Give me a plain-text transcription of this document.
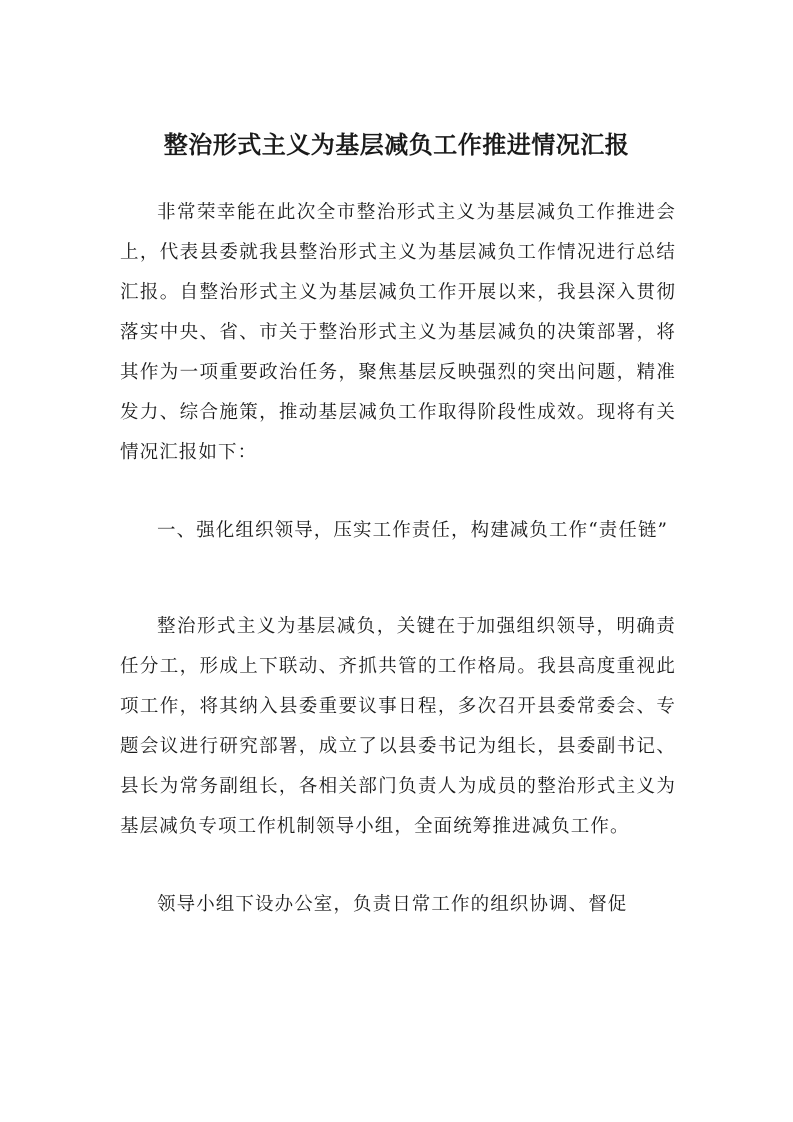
整治形式主义为基层减负工作推进情况汇报

非常荣幸能在此次全市整治形式主义为基层减负工作推进会上，代表县委就我县整治形式主义为基层减负工作情况进行总结汇报。自整治形式主义为基层减负工作开展以来，我县深入贯彻落实中央、省、市关于整治形式主义为基层减负的决策部署，将其作为一项重要政治任务，聚焦基层反映强烈的突出问题，精准发力、综合施策，推动基层减负工作取得阶段性成效。现将有关情况汇报如下：

一、强化组织领导，压实工作责任，构建减负工作“责任链”

整治形式主义为基层减负，关键在于加强组织领导，明确责任分工，形成上下联动、齐抓共管的工作格局。我县高度重视此项工作，将其纳入县委重要议事日程，多次召开县委常委会、专题会议进行研究部署，成立了以县委书记为组长，县委副书记、县长为常务副组长，各相关部门负责人为成员的整治形式主义为基层减负专项工作机制领导小组，全面统筹推进减负工作。

领导小组下设办公室，负责日常工作的组织协调、督促
